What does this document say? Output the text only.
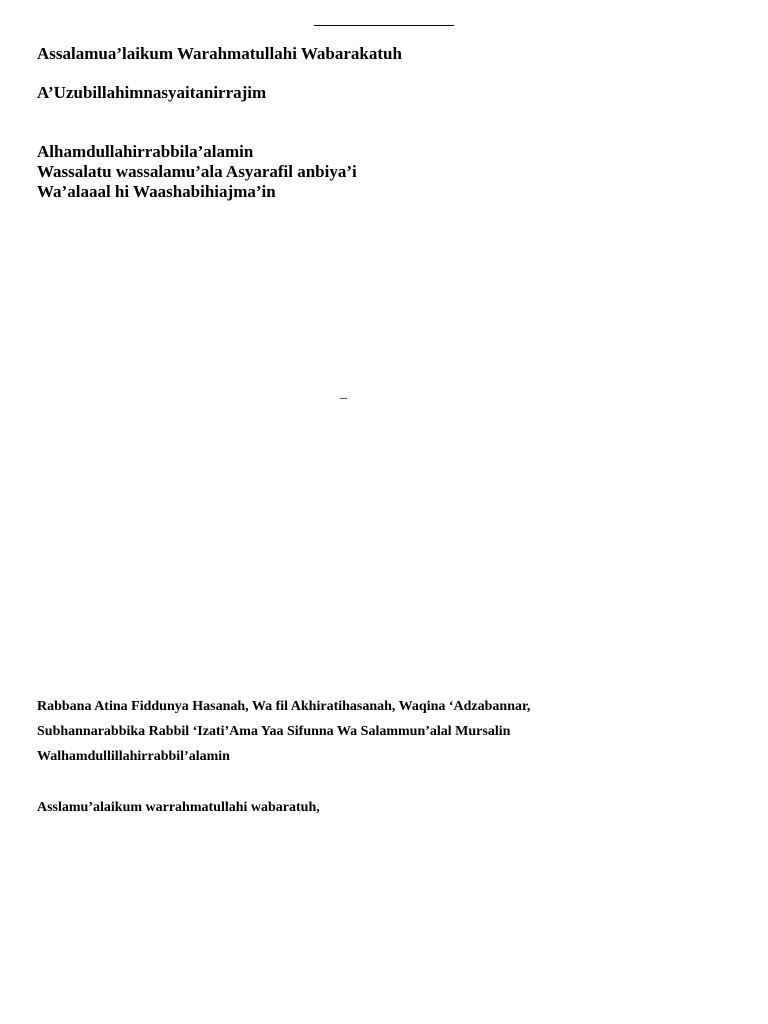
Assalamua’laikum Warahmatullahi Wabarakatuh

A’Uzubillahimnasyaitanirrajim

Alhamdullahirrabbila’alamin

Wassalatu wassalamu’ala Asyarafil anbiya’i

Wa’alaaal hi Waashabihiajma’in

_

Rabbana Atina Fiddunya Hasanah, Wa fil Akhiratihasanah, Waqina ‘Adzabannar,

Subhannarabbika Rabbil ‘Izati’Ama Yaa Sifunna Wa Salammun’alal Mursalin

Walhamdullillahirrabbil’alamin

Asslamu’alaikum warrahmatullahi wabaratuh,
